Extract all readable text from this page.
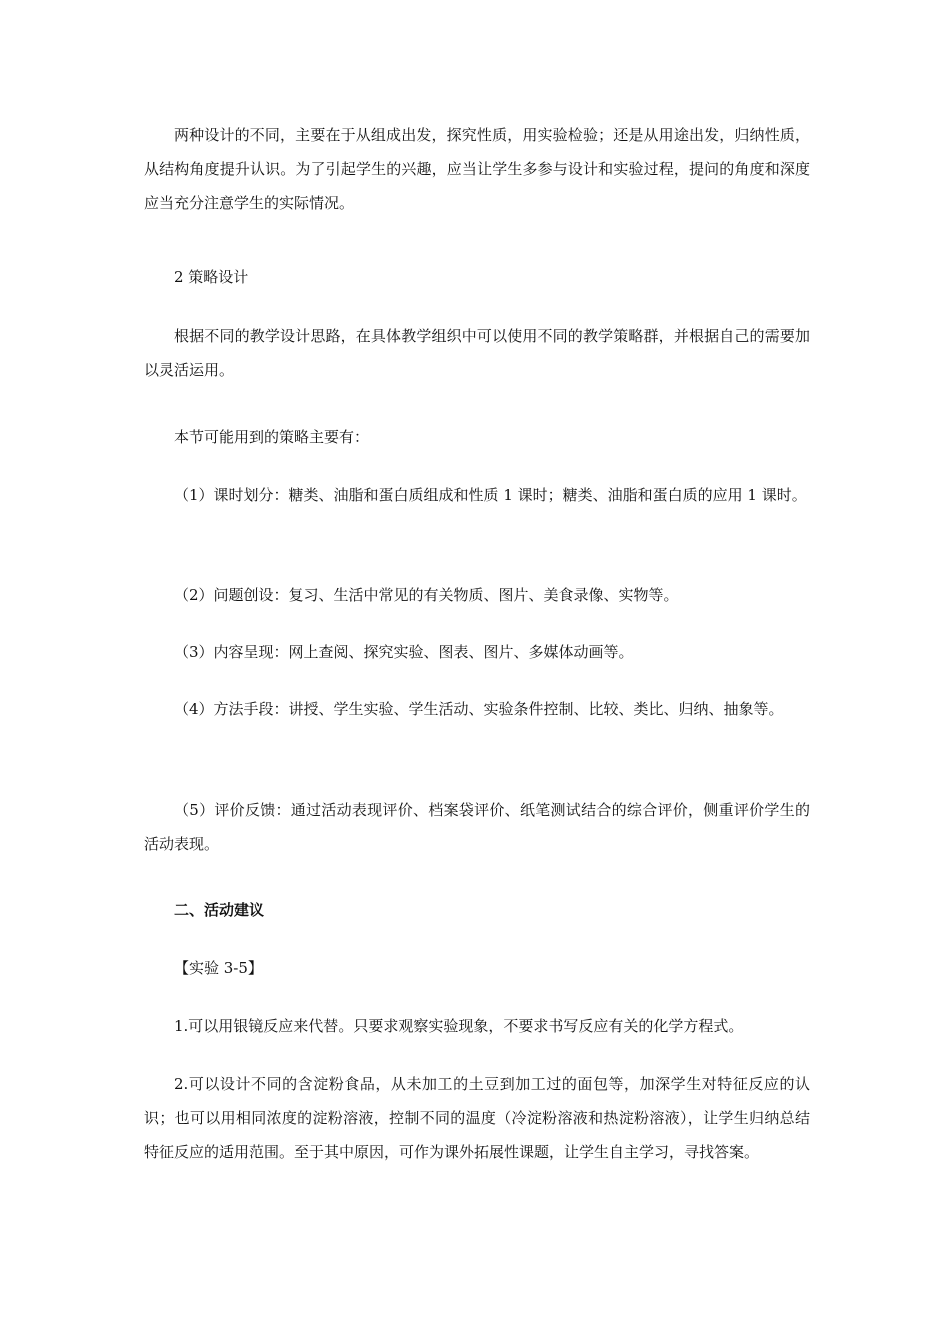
两种设计的不同，主要在于从组成出发，探究性质，用实验检验；还是从用途出发，归纳性质，从结构角度提升认识。为了引起学生的兴趣，应当让学生多参与设计和实验过程，提问的角度和深度应当充分注意学生的实际情况。

2 策略设计

根据不同的教学设计思路，在具体教学组织中可以使用不同的教学策略群，并根据自己的需要加以灵活运用。

本节可能用到的策略主要有：

（1）课时划分：糖类、油脂和蛋白质组成和性质 1 课时；糖类、油脂和蛋白质的应用 1 课时。

（2）问题创设：复习、生活中常见的有关物质、图片、美食录像、实物等。

（3）内容呈现：网上查阅、探究实验、图表、图片、多媒体动画等。

（4）方法手段：讲授、学生实验、学生活动、实验条件控制、比较、类比、归纳、抽象等。

（5）评价反馈：通过活动表现评价、档案袋评价、纸笔测试结合的综合评价，侧重评价学生的活动表现。

二、活动建议

【实验 3-5】

1.可以用银镜反应来代替。只要求观察实验现象，不要求书写反应有关的化学方程式。

2.可以设计不同的含淀粉食品，从未加工的土豆到加工过的面包等，加深学生对特征反应的认识；也可以用相同浓度的淀粉溶液，控制不同的温度（冷淀粉溶液和热淀粉溶液），让学生归纳总结特征反应的适用范围。至于其中原因，可作为课外拓展性课题，让学生自主学习，寻找答案。
